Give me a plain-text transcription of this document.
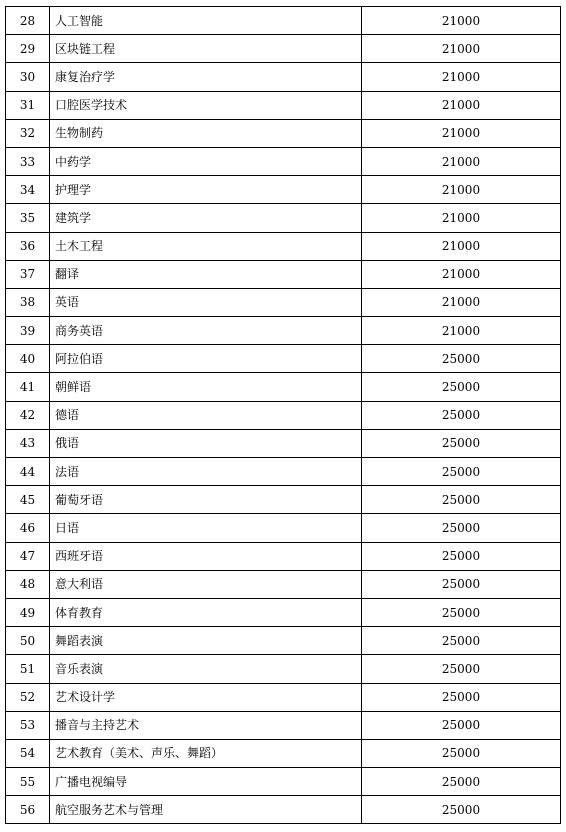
28	人工智能	21000
29	区块链工程	21000
30	康复治疗学	21000
31	口腔医学技术	21000
32	生物制药	21000
33	中药学	21000
34	护理学	21000
35	建筑学	21000
36	土木工程	21000
37	翻译	21000
38	英语	21000
39	商务英语	21000
40	阿拉伯语	25000
41	朝鲜语	25000
42	德语	25000
43	俄语	25000
44	法语	25000
45	葡萄牙语	25000
46	日语	25000
47	西班牙语	25000
48	意大利语	25000
49	体育教育	25000
50	舞蹈表演	25000
51	音乐表演	25000
52	艺术设计学	25000
53	播音与主持艺术	25000
54	艺术教育（美术、声乐、舞蹈）	25000
55	广播电视编导	25000
56	航空服务艺术与管理	25000
